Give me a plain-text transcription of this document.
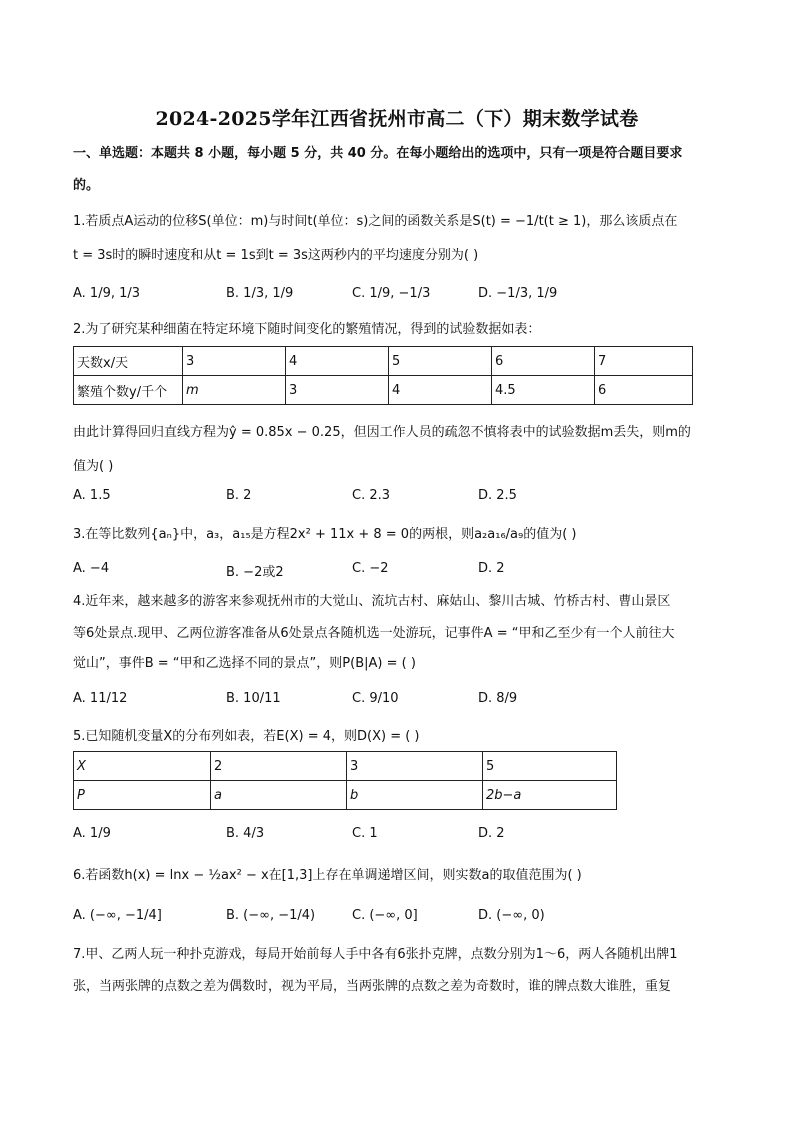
2024-2025学年江西省抚州市高二（下）期末数学试卷
一、单选题：本题共 8 小题，每小题 5 分，共 40 分。在每小题给出的选项中，只有一项是符合题目要求
的。
1.若质点A运动的位移S(单位：m)与时间t(单位：s)之间的函数关系是S(t) = −1/t(t ≥ 1)，那么该质点在
t = 3s时的瞬时速度和从t = 1s到t = 3s这两秒内的平均速度分别为( )
A. 1/9, 1/3	B. 1/3, 1/9	C. 1/9, −1/3	D. −1/3, 1/9
2.为了研究某种细菌在特定环境下随时间变化的繁殖情况，得到的试验数据如表：
天数x/天	3	4	5	6	7
繁殖个数y/千个	m	3	4	4.5	6
由此计算得回归直线方程为ŷ = 0.85x − 0.25，但因工作人员的疏忽不慎将表中的试验数据m丢失，则m的
值为( )
A. 1.5	B. 2	C. 2.3	D. 2.5
3.在等比数列{aₙ}中，a₃，a₁₅是方程2x² + 11x + 8 = 0的两根，则a₂a₁₆/a₉的值为( )
A. −4	B. −2或2	C. −2	D. 2
4.近年来，越来越多的游客来参观抚州市的大觉山、流坑古村、麻姑山、黎川古城、竹桥古村、曹山景区
等6处景点.现甲、乙两位游客准备从6处景点各随机选一处游玩，记事件A = “甲和乙至少有一个人前往大
觉山”，事件B = “甲和乙选择不同的景点”，则P(B|A) = ( )
A. 11/12	B. 10/11	C. 9/10	D. 8/9
5.已知随机变量X的分布列如表，若E(X) = 4，则D(X) = ( )
X	2	3	5
P	a	b	2b−a
A. 1/9	B. 4/3	C. 1	D. 2
6.若函数h(x) = lnx − ½ax² − x在[1,3]上存在单调递增区间，则实数a的取值范围为( )
A. (−∞, −1/4]	B. (−∞, −1/4)	C. (−∞, 0]	D. (−∞, 0)
7.甲、乙两人玩一种扑克游戏，每局开始前每人手中各有6张扑克牌，点数分别为1～6，两人各随机出牌1
张，当两张牌的点数之差为偶数时，视为平局，当两张牌的点数之差为奇数时，谁的牌点数大谁胜，重复
